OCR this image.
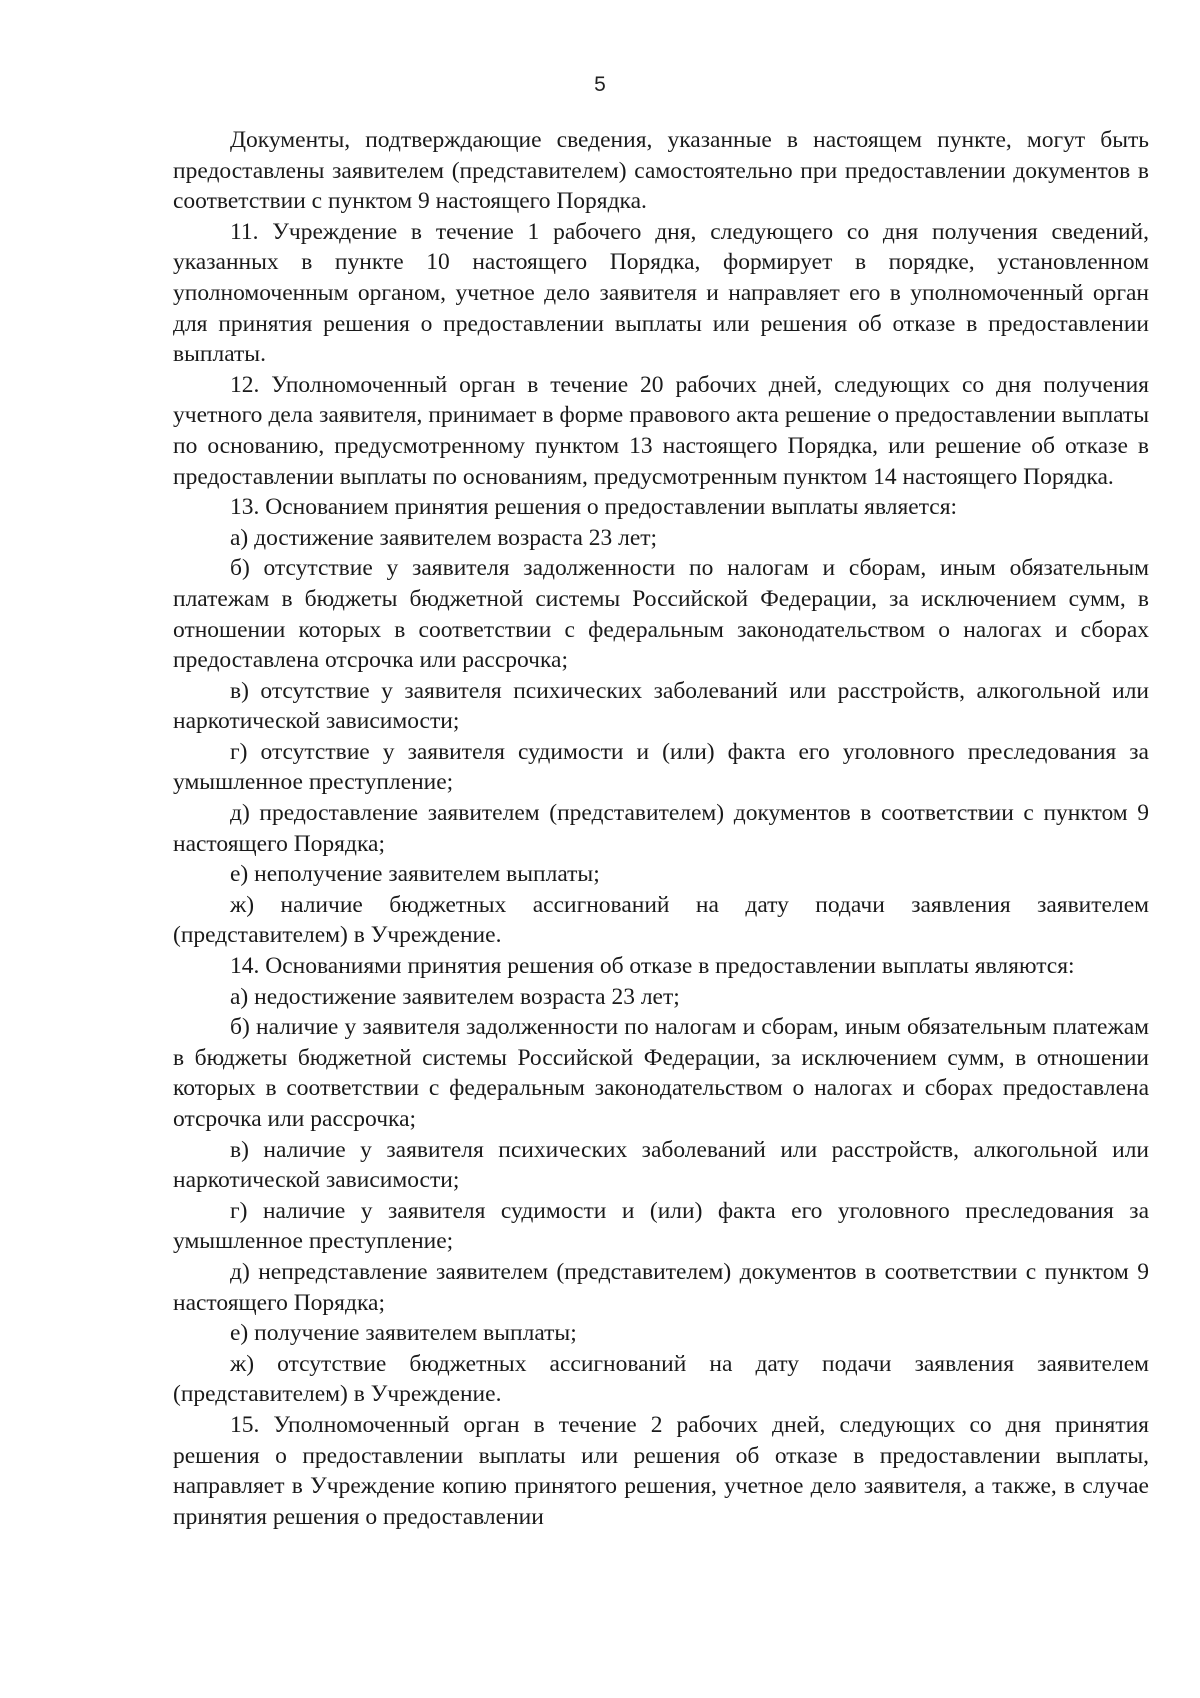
5

Документы, подтверждающие сведения, указанные в настоящем пункте, могут быть предоставлены заявителем (представителем) самостоятельно при предоставлении документов в соответствии с пунктом 9 настоящего Порядка.

11. Учреждение в течение 1 рабочего дня, следующего со дня получения сведений, указанных в пункте 10 настоящего Порядка, формирует в порядке, установленном уполномоченным органом, учетное дело заявителя и направляет его в уполномоченный орган для принятия решения о предоставлении выплаты или решения об отказе в предоставлении выплаты.

12. Уполномоченный орган в течение 20 рабочих дней, следующих со дня получения учетного дела заявителя, принимает в форме правового акта решение о предоставлении выплаты по основанию, предусмотренному пунктом 13 настоящего Порядка, или решение об отказе в предоставлении выплаты по основаниям, предусмотренным пунктом 14 настоящего Порядка.

13. Основанием принятия решения о предоставлении выплаты является:

а) достижение заявителем возраста 23 лет;

б) отсутствие у заявителя задолженности по налогам и сборам, иным обязательным платежам в бюджеты бюджетной системы Российской Федерации, за исключением сумм, в отношении которых в соответствии с федеральным законодательством о налогах и сборах предоставлена отсрочка или рассрочка;

в) отсутствие у заявителя психических заболеваний или расстройств, алкогольной или наркотической зависимости;

г) отсутствие у заявителя судимости и (или) факта его уголовного преследования за умышленное преступление;

д) предоставление заявителем (представителем) документов в соответствии с пунктом 9 настоящего Порядка;

е) неполучение заявителем выплаты;

ж) наличие бюджетных ассигнований на дату подачи заявления заявителем (представителем) в Учреждение.

14. Основаниями принятия решения об отказе в предоставлении выплаты являются:

а) недостижение заявителем возраста 23 лет;

б) наличие у заявителя задолженности по налогам и сборам, иным обязательным платежам в бюджеты бюджетной системы Российской Федерации, за исключением сумм, в отношении которых в соответствии с федеральным законодательством о налогах и сборах предоставлена отсрочка или рассрочка;

в) наличие у заявителя психических заболеваний или расстройств, алкогольной или наркотической зависимости;

г) наличие у заявителя судимости и (или) факта его уголовного преследования за умышленное преступление;

д) непредставление заявителем (представителем) документов в соответствии с пунктом 9 настоящего Порядка;

е) получение заявителем выплаты;

ж) отсутствие бюджетных ассигнований на дату подачи заявления заявителем (представителем) в Учреждение.

15. Уполномоченный орган в течение 2 рабочих дней, следующих со дня принятия решения о предоставлении выплаты или решения об отказе в предоставлении выплаты, направляет в Учреждение копию принятого решения, учетное дело заявителя, а также, в случае принятия решения о предоставлении
